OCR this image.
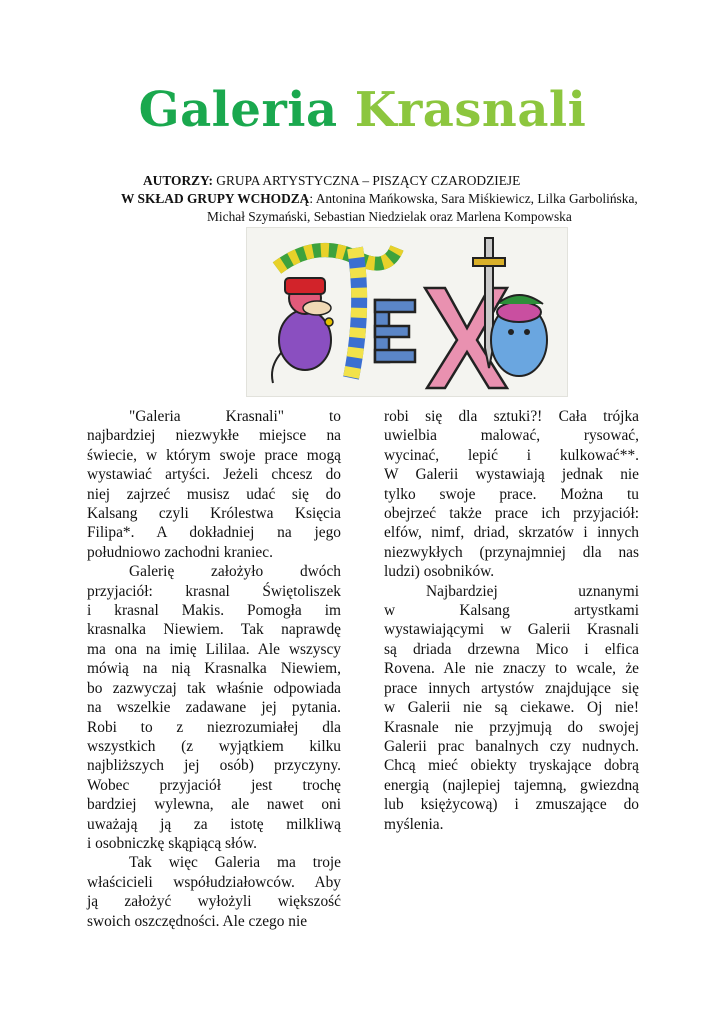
Galeria Krasnali
AUTORZY: GRUPA ARTYSTYCZNA – PISZĄCY CZARODZIEJE
W SKŁAD GRUPY WCHODZĄ: Antonina Mańkowska, Sara Miśkiewicz, Lilka Garbolińska,
Michał Szymański, Sebastian Niedzielak oraz Marlena Kompowska
"Galeria Krasnali" to
najbardziej niezwykłe miejsce na
świecie, w którym swoje prace mogą
wystawiać artyści. Jeżeli chcesz do
niej zajrzeć musisz udać się do
Kalsang czyli Królestwa Księcia
Filipa*. A dokładniej na jego
południowo zachodni kraniec.
Galerię założyło dwóch
przyjaciół: krasnal Świętoliszek
i krasnal Makis. Pomogła im
krasnalka Niewiem. Tak naprawdę
ma ona na imię Lililaa. Ale wszyscy
mówią na nią Krasnalka Niewiem,
bo zazwyczaj tak właśnie odpowiada
na wszelkie zadawane jej pytania.
Robi to z niezrozumiałej dla
wszystkich (z wyjątkiem kilku
najbliższych jej osób) przyczyny.
Wobec przyjaciół jest trochę
bardziej wylewna, ale nawet oni
uważają ją za istotę milkliwą
i osobniczkę skąpiącą słów.
Tak więc Galeria ma troje
właścicieli współudziałowców. Aby
ją założyć wyłożyli większość
swoich oszczędności. Ale czego nie
robi się dla sztuki?! Cała trójka
uwielbia malować, rysować,
wycinać, lepić i kulkować**.
W Galerii wystawiają jednak nie
tylko swoje prace. Można tu
obejrzeć także prace ich przyjaciół:
elfów, nimf, driad, skrzatów i innych
niezwykłych (przynajmniej dla nas
ludzi) osobników.
Najbardziej uznanymi
w Kalsang artystkami
wystawiającymi w Galerii Krasnali
są driada drzewna Mico i elfica
Rovena. Ale nie znaczy to wcale, że
prace innych artystów znajdujące się
w Galerii nie są ciekawe. Oj nie!
Krasnale nie przyjmują do swojej
Galerii prac banalnych czy nudnych.
Chcą mieć obiekty tryskające dobrą
energią (najlepiej tajemną, gwiezdną
lub księżycową) i zmuszające do
myślenia.
